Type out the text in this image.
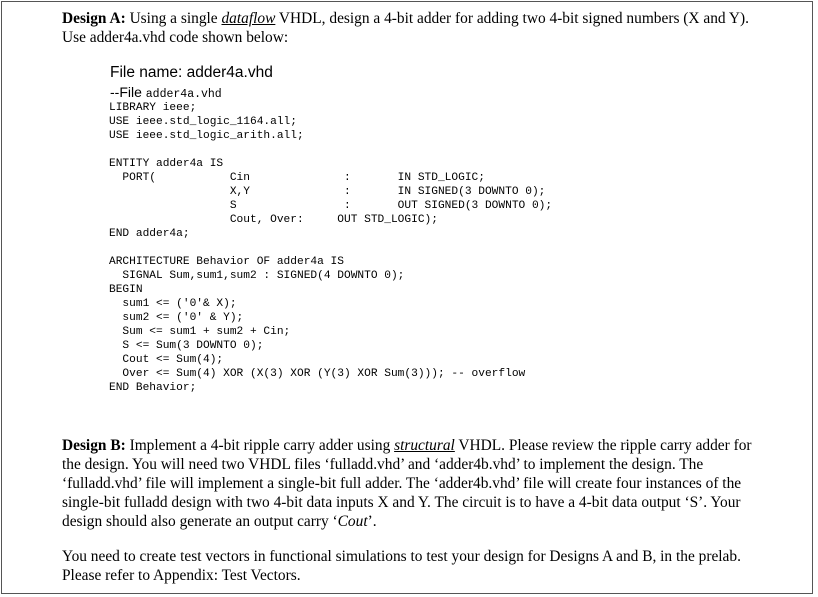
Design A: Using a single dataflow VHDL, design a 4-bit adder for adding two 4-bit signed numbers (X and Y). Use adder4a.vhd code shown below:
File name: adder4a.vhd
--File adder4a.vhd
LIBRARY ieee;
USE ieee.std_logic_1164.all;
USE ieee.std_logic_arith.all;

ENTITY adder4a IS
PORT(           Cin              :       IN STD_LOGIC;
X,Y              :       IN SIGNED(3 DOWNTO 0);
S                :       OUT SIGNED(3 DOWNTO 0);
Cout, Over:     OUT STD_LOGIC);
END adder4a;

ARCHITECTURE Behavior OF adder4a IS
SIGNAL Sum,sum1,sum2 : SIGNED(4 DOWNTO 0);
BEGIN
sum1 <= ('0'& X);
sum2 <= ('0' & Y);
Sum <= sum1 + sum2 + Cin;
S <= Sum(3 DOWNTO 0);
Cout <= Sum(4);
Over <= Sum(4) XOR (X(3) XOR (Y(3) XOR Sum(3))); -- overflow
END Behavior;
Design B: Implement a 4-bit ripple carry adder using structural VHDL. Please review the ripple carry adder for the design. You will need two VHDL files ‘fulladd.vhd’ and ‘adder4b.vhd’ to implement the design. The ‘fulladd.vhd’ file will implement a single-bit full adder. The ‘adder4b.vhd’ file will create four instances of the single-bit fulladd design with two 4-bit data inputs X and Y. The circuit is to have a 4-bit data output ‘S’. Your design should also generate an output carry ‘Cout’.
You need to create test vectors in functional simulations to test your design for Designs A and B, in the prelab. Please refer to Appendix: Test Vectors.
